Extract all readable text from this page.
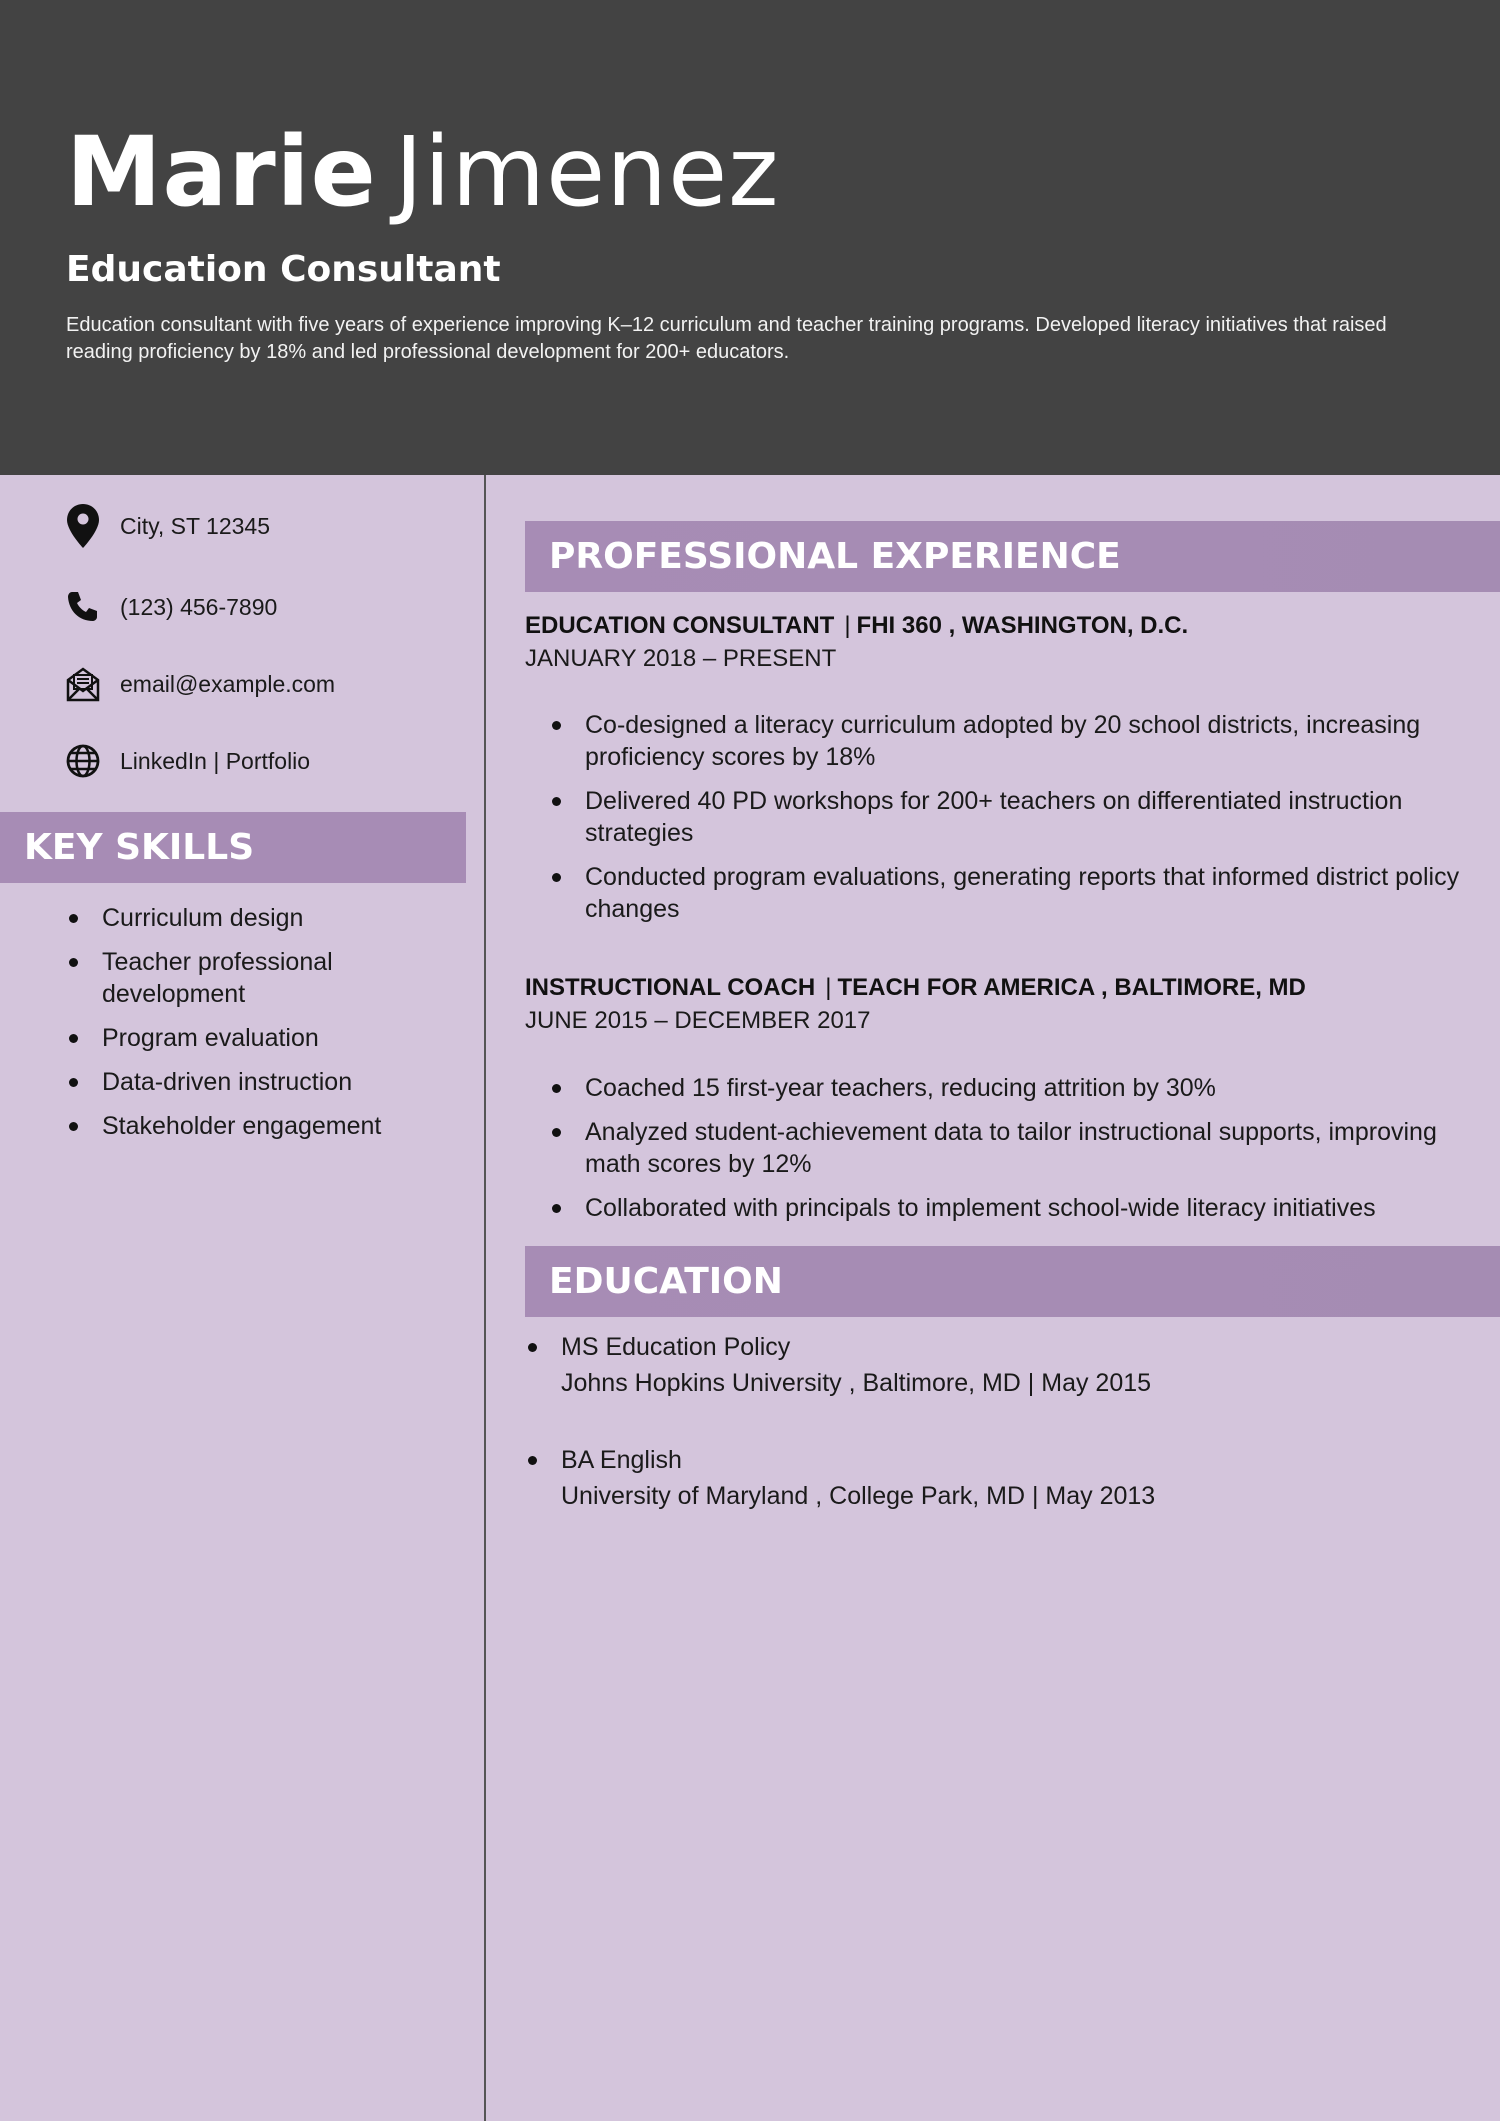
Marie Jimenez
Education Consultant
Education consultant with five years of experience improving K–12 curriculum and teacher training programs. Developed literacy initiatives that raised reading proficiency by 18% and led professional development for 200+ educators.
City, ST 12345
(123) 456-7890
email@example.com
LinkedIn | Portfolio
KEY SKILLS
Curriculum design
Teacher professional development
Program evaluation
Data-driven instruction
Stakeholder engagement
PROFESSIONAL EXPERIENCE
EDUCATION CONSULTANT | FHI 360 , WASHINGTON, D.C.
JANUARY 2018 – PRESENT
Co-designed a literacy curriculum adopted by 20 school districts, increasing proficiency scores by 18%
Delivered 40 PD workshops for 200+ teachers on differentiated instruction strategies
Conducted program evaluations, generating reports that informed district policy changes
INSTRUCTIONAL COACH | TEACH FOR AMERICA , BALTIMORE, MD
JUNE 2015 – DECEMBER 2017
Coached 15 first-year teachers, reducing attrition by 30%
Analyzed student-achievement data to tailor instructional supports, improving math scores by 12%
Collaborated with principals to implement school-wide literacy initiatives
EDUCATION
MS Education Policy
Johns Hopkins University , Baltimore, MD | May 2015
BA English
University of Maryland , College Park, MD | May 2013
